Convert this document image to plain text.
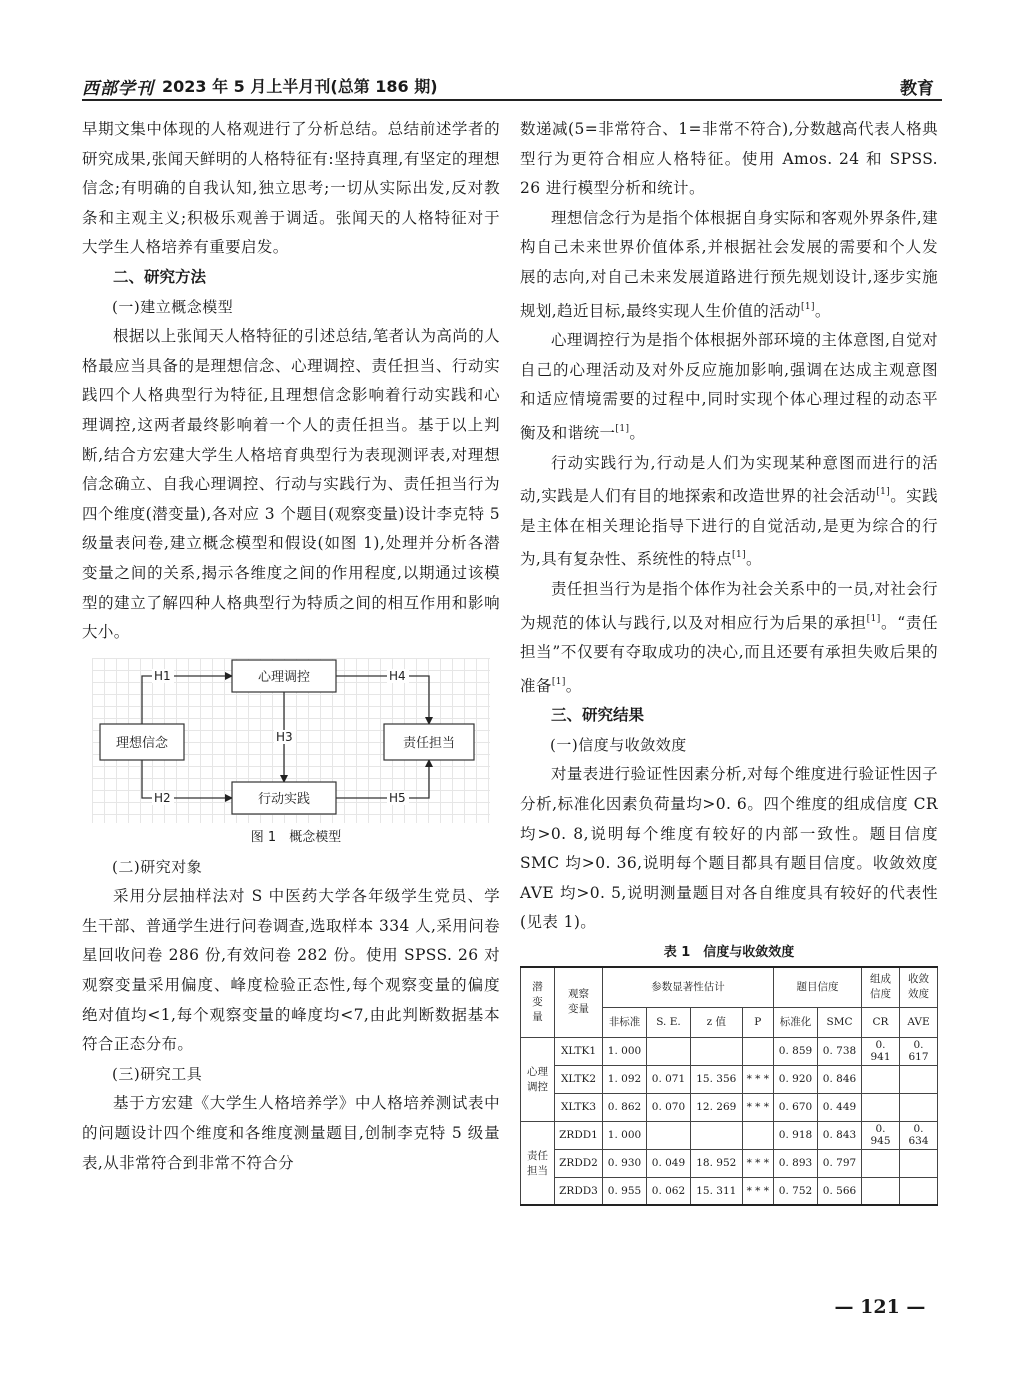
西部学刊 2023 年 5 月上半月刊(总第 186 期)	教育

早期文集中体现的人格观进行了分析总结。总结前述学者的研究成果,张闻天鲜明的人格特征有:坚持真理,有坚定的理想信念;有明确的自我认知,独立思考;一切从实际出发,反对教条和主观主义;积极乐观善于调适。张闻天的人格特征对于大学生人格培养有重要启发。

二、研究方法
(一)建立概念模型

根据以上张闻天人格特征的引述总结,笔者认为高尚的人格最应当具备的是理想信念、心理调控、责任担当、行动实践四个人格典型行为特征,且理想信念影响着行动实践和心理调控,这两者最终影响着一个人的责任担当。基于以上判断,结合方宏建大学生人格培育典型行为表现测评表,对理想信念确立、自我心理调控、行动与实践行为、责任担当行为四个维度(潜变量),各对应 3 个题目(观察变量)设计李克特 5 级量表问卷,建立概念模型和假设(如图 1),处理并分析各潜变量之间的关系,揭示各维度之间的作用程度,以期通过该模型的建立了解四种人格典型行为特质之间的相互作用和影响大小。

理想信念
心理调控
责任担当
行动实践
H1
H2
H3
H4
H5
图 1　概念模型
(二)研究对象

采用分层抽样法对 S 中医药大学各年级学生党员、学生干部、普通学生进行问卷调查,选取样本 334 人,采用问卷星回收问卷 286 份,有效问卷 282 份。使用 SPSS. 26 对观察变量采用偏度、峰度检验正态性,每个观察变量的偏度绝对值均<1,每个观察变量的峰度均<7,由此判断数据基本符合正态分布。

(三)研究工具

基于方宏建《大学生人格培养学》中人格培养测试表中的问题设计四个维度和各维度测量题目,创制李克特 5 级量表,从非常符合到非常不符合分

数递减(5=非常符合、1=非常不符合),分数越高代表人格典型行为更符合相应人格特征。使用 Amos. 24 和 SPSS. 26 进行模型分析和统计。

理想信念行为是指个体根据自身实际和客观外界条件,建构自己未来世界价值体系,并根据社会发展的需要和个人发展的志向,对自己未来发展道路进行预先规划设计,逐步实施规划,趋近目标,最终实现人生价值的活动[1]。

心理调控行为是指个体根据外部环境的主体意图,自觉对自己的心理活动及对外反应施加影响,强调在达成主观意图和适应情境需要的过程中,同时实现个体心理过程的动态平衡及和谐统一[1]。

行动实践行为,行动是人们为实现某种意图而进行的活动,实践是人们有目的地探索和改造世界的社会活动[1]。实践是主体在相关理论指导下进行的自觉活动,是更为综合的行为,具有复杂性、系统性的特点[1]。

责任担当行为是指个体作为社会关系中的一员,对社会行为规范的体认与践行,以及对相应行为后果的承担[1]。“责任担当”不仅要有夺取成功的决心,而且还要有承担失败后果的准备[1]。

三、研究结果
(一)信度与收敛效度

对量表进行验证性因素分析,对每个维度进行验证性因子分析,标准化因素负荷量均>0. 6。四个维度的组成信度 CR 均>0. 8,说明每个维度有较好的内部一致性。题目信度 SMC 均>0. 36,说明每个题目都具有题目信度。收敛效度 AVE 均>0. 5,说明测量题目对各自维度具有较好的代表性(见表 1)。

表 1　信度与收敛效度
潜变量	观察变量	参数显著性估计				题目信度		组成信度	收敛效度
		非标准	S. E.	z 值	P	标准化	SMC	CR	AVE
心理调控	XLTK1	1. 000				0. 859	0. 738	0. 941	0. 617
	XLTK2	1. 092	0. 071	15. 356	* * *	0. 920	0. 846		
	XLTK3	0. 862	0. 070	12. 269	* * *	0. 670	0. 449		
责任担当	ZRDD1	1. 000				0. 918	0. 843	0. 945	0. 634
	ZRDD2	0. 930	0. 049	18. 952	* * *	0. 893	0. 797		
	ZRDD3	0. 955	0. 062	15. 311	* * *	0. 752	0. 566		
— 121 —
